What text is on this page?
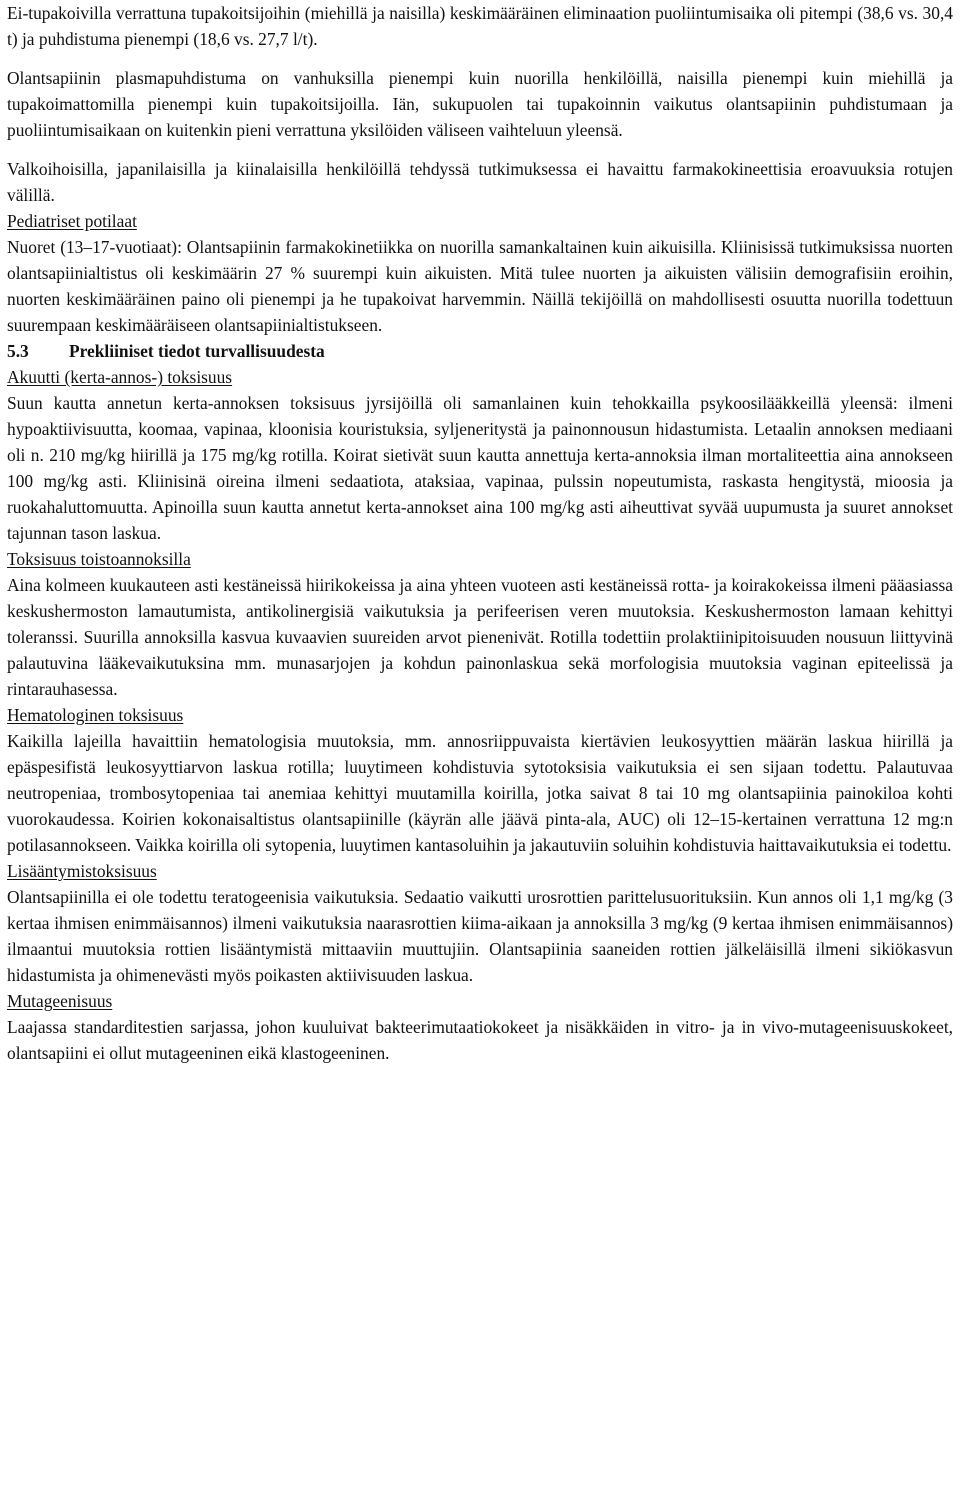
Ei-tupakoivilla verrattuna tupakoitsijoihin (miehillä ja naisilla) keskimääräinen eliminaation puoliintumisaika oli pitempi (38,6 vs. 30,4 t) ja puhdistuma pienempi (18,6 vs. 27,7 l/t).

Olantsapiinin plasmapuhdistuma on vanhuksilla pienempi kuin nuorilla henkilöillä, naisilla pienempi kuin miehillä ja tupakoimattomilla pienempi kuin tupakoitsijoilla. Iän, sukupuolen tai tupakoinnin vaikutus olantsapiinin puhdistumaan ja puoliintumisaikaan on kuitenkin pieni verrattuna yksilöiden väliseen vaihteluun yleensä.

Valkoihoisilla, japanilaisilla ja kiinalaisilla henkilöillä tehdyssä tutkimuksessa ei havaittu farmakokineettisia eroavuuksia rotujen välillä.

Pediatriset potilaat

Nuoret (13–17-vuotiaat): Olantsapiinin farmakokinetiikka on nuorilla samankaltainen kuin aikuisilla. Kliinisissä tutkimuksissa nuorten olantsapiinialtistus oli keskimäärin 27 % suurempi kuin aikuisten. Mitä tulee nuorten ja aikuisten välisiin demografisiin eroihin, nuorten keskimääräinen paino oli pienempi ja he tupakoivat harvemmin. Näillä tekijöillä on mahdollisesti osuutta nuorilla todettuun suurempaan keskimääräiseen olantsapiinialtistukseen.

5.3	Prekliiniset tiedot turvallisuudesta
Akuutti (kerta-annos-) toksisuus

Suun kautta annetun kerta-annoksen toksisuus jyrsijöillä oli samanlainen kuin tehokkailla psykoosilääkkeillä yleensä: ilmeni hypoaktiivisuutta, koomaa, vapinaa, kloonisia kouristuksia, syljeneritystä ja painonnousun hidastumista. Letaalin annoksen mediaani oli n. 210 mg/kg hiirillä ja 175 mg/kg rotilla. Koirat sietivät suun kautta annettuja kerta-annoksia ilman mortaliteettia aina annokseen 100 mg/kg asti. Kliinisinä oireina ilmeni sedaatiota, ataksiaa, vapinaa, pulssin nopeutumista, raskasta hengitystä, mioosia ja ruokahaluttomuutta. Apinoilla suun kautta annetut kerta-annokset aina 100 mg/kg asti aiheuttivat syvää uupumusta ja suuret annokset tajunnan tason laskua.

Toksisuus toistoannoksilla

Aina kolmeen kuukauteen asti kestäneissä hiirikokeissa ja aina yhteen vuoteen asti kestäneissä rotta- ja koirakokeissa ilmeni pääasiassa keskushermoston lamautumista, antikolinergisiä vaikutuksia ja perifeerisen veren muutoksia. Keskushermoston lamaan kehittyi toleranssi. Suurilla annoksilla kasvua kuvaavien suureiden arvot pienenivät. Rotilla todettiin prolaktiinipitoisuuden nousuun liittyvinä palautuvina lääkevaikutuksina mm. munasarjojen ja kohdun painonlaskua sekä morfologisia muutoksia vaginan epiteelissä ja rintarauhasessa.

Hematologinen toksisuus

Kaikilla lajeilla havaittiin hematologisia muutoksia, mm. annosriippuvaista kiertävien leukosyyttien määrän laskua hiirillä ja epäspesifistä leukosyyttiarvon laskua rotilla; luuytimeen kohdistuvia sytotoksisia vaikutuksia ei sen sijaan todettu. Palautuvaa neutropeniaa, trombosytopeniaa tai anemiaa kehittyi muutamilla koirilla, jotka saivat 8 tai 10 mg olantsapiinia painokiloa kohti vuorokaudessa. Koirien kokonaisaltistus olantsapiinille (käyrän alle jäävä pinta-ala, AUC) oli 12–15-kertainen verrattuna 12 mg:n potilasannokseen. Vaikka koirilla oli sytopenia, luuytimen kantasoluihin ja jakautuviin soluihin kohdistuvia haittavaikutuksia ei todettu.

Lisääntymistoksisuus

Olantsapiinilla ei ole todettu teratogeenisia vaikutuksia. Sedaatio vaikutti urosrottien parittelusuorituksiin. Kun annos oli 1,1 mg/kg (3 kertaa ihmisen enimmäisannos) ilmeni vaikutuksia naarasrottien kiima-aikaan ja annoksilla 3 mg/kg (9 kertaa ihmisen enimmäisannos) ilmaantui muutoksia rottien lisääntymistä mittaaviin muuttujiin. Olantsapiinia saaneiden rottien jälkeläisillä ilmeni sikiökasvun hidastumista ja ohimenevästi myös poikasten aktiivisuuden laskua.

Mutageenisuus

Laajassa standarditestien sarjassa, johon kuuluivat bakteerimutaatiokokeet ja nisäkkäiden in vitro- ja in vivo-mutageenisuuskokeet, olantsapiini ei ollut mutageeninen eikä klastogeeninen.
